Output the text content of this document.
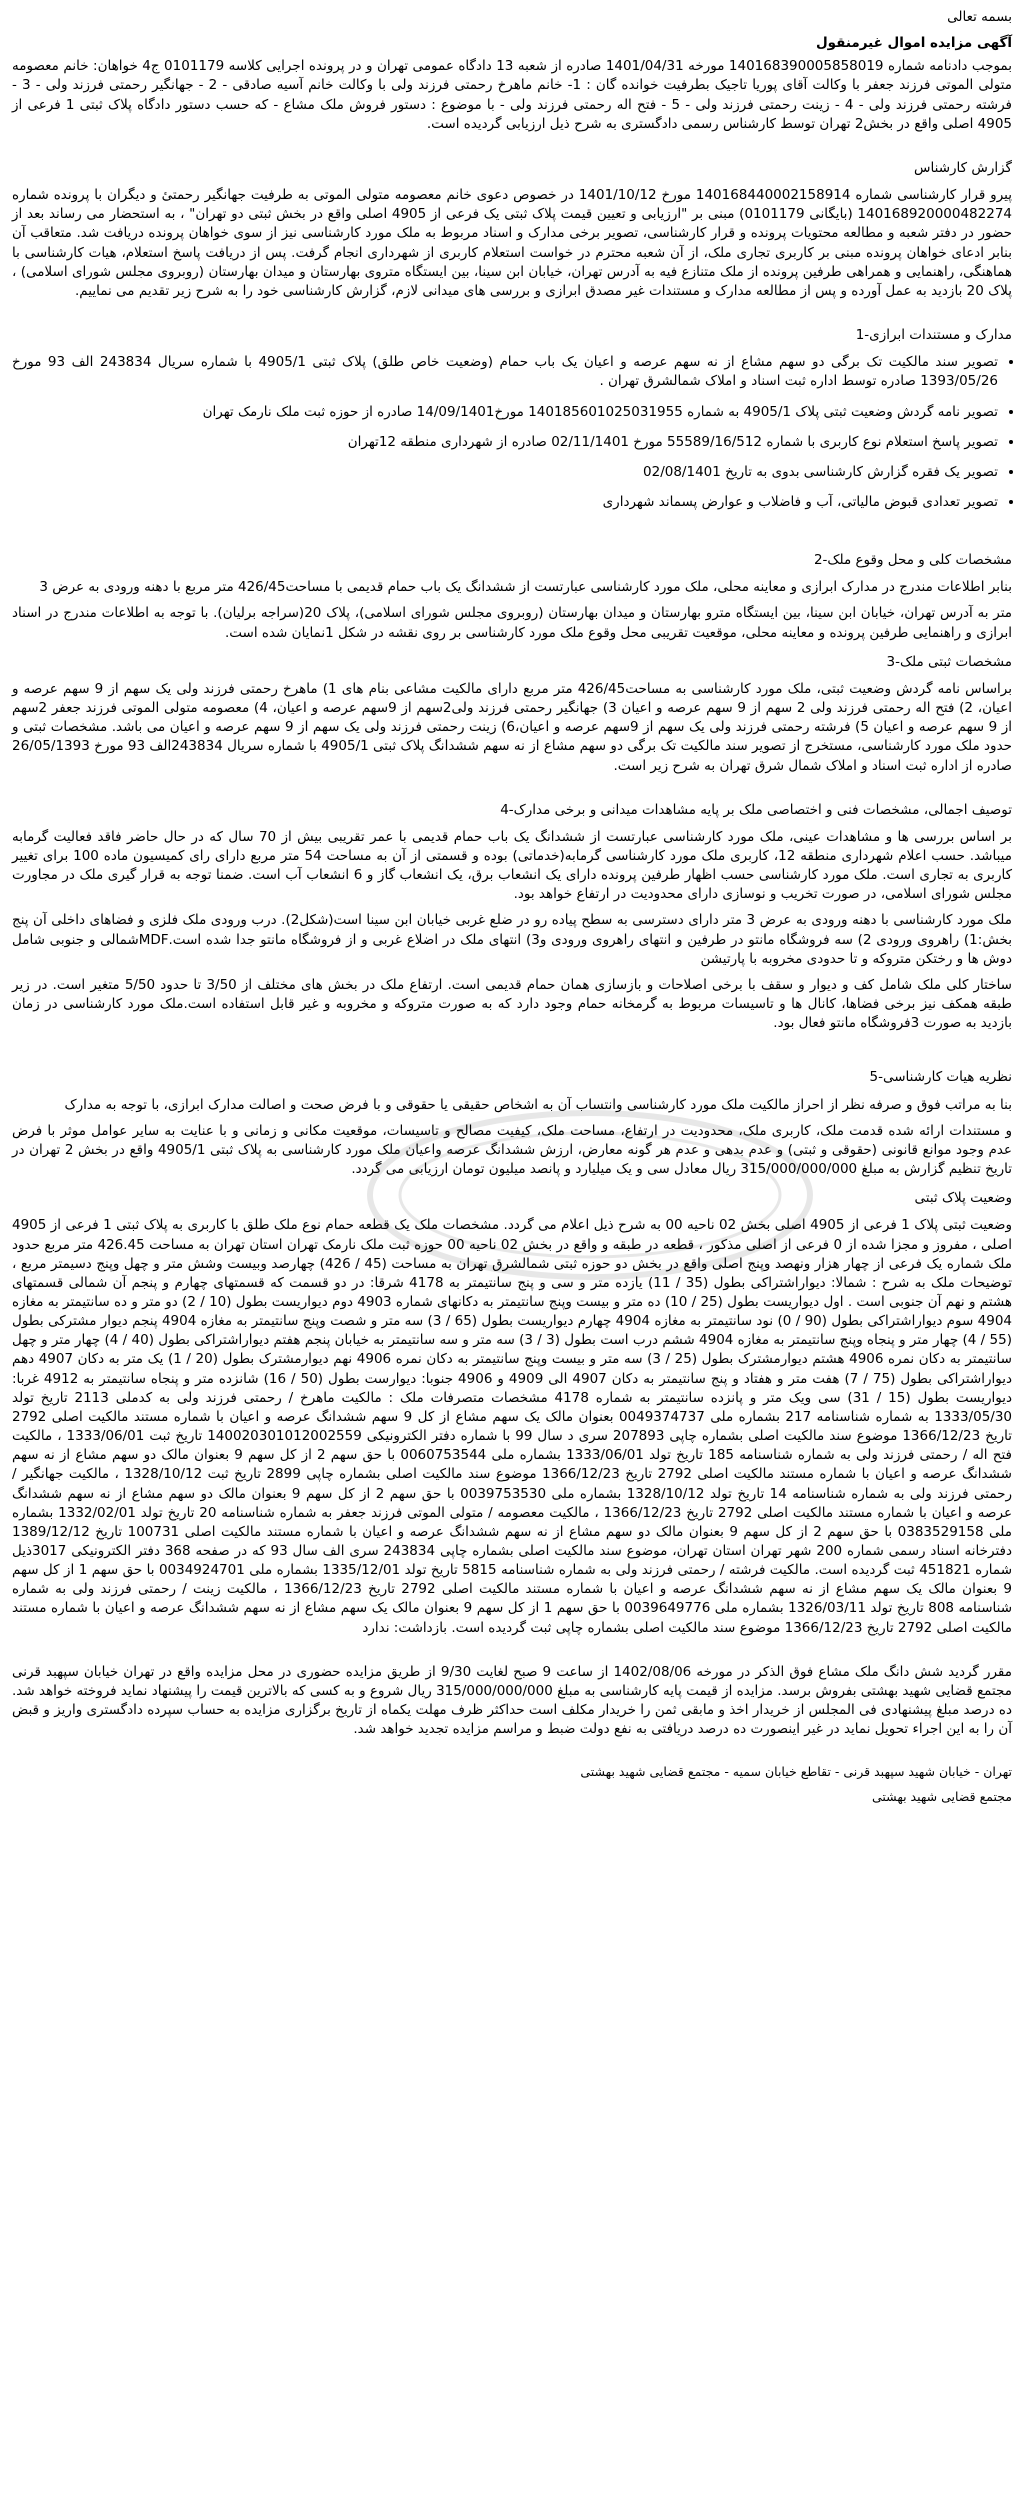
بسمه تعالی

آگهی مزایده اموال غیرمنقول

بموجب دادنامه شماره 140168390005858019 مورخه 1401/04/31 صادره از شعبه 13 دادگاه عمومی تهران و در پرونده اجرایی کلاسه 0101179 ج4 خواهان: خانم معصومه متولی الموتی فرزند جعفر با وکالت آقای پوریا تاجیک بطرفیت خوانده گان : 1- خانم ماهرخ رحمتی فرزند ولی با وکالت خانم آسیه صادقی - 2 - جهانگیر رحمتی فرزند ولی - 3 - فرشته رحمتی فرزند ولی - 4 - زینت رحمتی فرزند ولی - 5 - فتح اله رحمتی فرزند ولی - با موضوع : دستور فروش ملک مشاع - که حسب دستور دادگاه پلاک ثبتی 1 فرعی از 4905 اصلی واقع در بخش2 تهران توسط کارشناس رسمی دادگستری به شرح ذیل ارزیابی گردیده است.

گزارش کارشناس

پیرو قرار کارشناسی شماره 140168440002158914 مورخ 1401/10/12 در خصوص دعوی خانم معصومه متولی الموتی به طرفیت جهانگیر رحمتیٔ و دیگران با پرونده شماره 140168920000482274 (بایگانی 0101179) مبنی بر "ارزیابی و تعیین قیمت پلاک ثبتی یک فرعی از 4905 اصلی واقع در بخش ثبتی دو تهران" ، به استحضار می رساند بعد از حضور در دفتر شعبه و مطالعه محتویات پرونده و قرار کارشناسی، تصویر برخی مدارک و اسناد مربوط به ملک مورد کارشناسی نیز از سوی خواهان پرونده دریافت شد. متعاقب آن بنابر ادعای خواهان پرونده مبنی بر کاربری تجاری ملک، از آن شعبه محترم در خواست استعلام کاربری از شهرداری انجام گرفت. پس از دریافت پاسخ استعلام، هیات کارشناسی با هماهنگی، راهنمایی و همراهی طرفین پرونده از ملک متنازع فیه به آدرس تهران، خیابان ابن سینا، بین ایستگاه متروی بهارستان و میدان بهارستان (روبروی مجلس شورای اسلامی) ، پلاک 20 بازدید به عمل آورده و پس از مطالعه مدارک و مستندات غیر مصدق ابرازی و بررسی های میدانی لازم، گزارش کارشناسی خود را به شرح زیر تقدیم می نماییم.

مدارک و مستندات ابرازی-1

• تصویر سند مالکیت تک برگی دو سهم مشاع از نه سهم عرصه و اعیان یک باب حمام (وضعیت خاص طلق) پلاک ثبتی 4905/1 با شماره سریال 243834 الف 93 مورخ 1393/05/26 صادره توسط اداره ثبت اسناد و املاک شمالشرق تهران .
• تصویر نامه گردش وضعیت ثبتی پلاک 4905/1 به شماره 140185601025031955 مورخ14/09/1401 صادره از حوزه ثبت ملک نارمک تهران
• تصویر پاسخ استعلام نوع کاربری با شماره 55589/16/512 مورخ 02/11/1401 صادره از شهرداری منطقه 12تهران
• تصویر یک فقره گزارش کارشناسی بدوی به تاریخ 02/08/1401
• تصویر تعدادی قبوض مالیاتی، آب و فاضلاب و عوارض پسماند شهرداری

مشخصات کلی و محل وقوع ملک-2

بنابر اطلاعات مندرج در مدارک ابرازی و معاینه محلی، ملک مورد کارشناسی عبارتست از ششدانگ یک باب حمام قدیمی با مساحت426/45 متر مربع با دهنه ورودی به عرض 3

متر به آدرس تهران، خیابان ابن سینا، بین ایستگاه مترو بهارستان و میدان بهارستان (روبروی مجلس شورای اسلامی)، پلاک 20(سراجه برلیان). با توجه به اطلاعات مندرج در اسناد ابرازی و راهنمایی طرفین پرونده و معاینه محلی، موقعیت تقریبی محل وقوع ملک مورد کارشناسی بر روی نقشه در شکل 1نمایان شده است.

مشخصات ثبتی ملک-3

براساس نامه گردش وضعیت ثبتی، ملک مورد کارشناسی به مساحت426/45 متر مربع دارای مالکیت مشاعی بنام های 1) ماهرخ رحمتی فرزند ولی یک سهم از 9 سهم عرصه و اعیان، 2) فتح اله رحمتی فرزند ولی 2 سهم از 9 سهم عرصه و اعیان 3) جهانگیر رحمتی فرزند ولی2سهم از 9سهم عرصه و اعیان، 4) معصومه متولی الموتی فرزند جعفر 2سهم از 9 سهم عرصه و اعیان 5) فرشته رحمتی فرزند ولی یک سهم از 9سهم عرصه و اعیان،6) زینت رحمتی فرزند ولی یک سهم از 9 سهم عرصه و اعیان می باشد. مشخصات ثبتی و حدود ملک مورد کارشناسی، مستخرج از تصویر سند مالکیت تک برگی دو سهم مشاع از نه سهم ششدانگ پلاک ثبتی 4905/1 با شماره سریال 243834الف 93 مورخ 26/05/1393 صادره از اداره ثبت اسناد و املاک شمال شرق تهران به شرح زیر است.

توصیف اجمالی، مشخصات فنی و اختصاصی ملک بر پایه مشاهدات میدانی و برخی مدارک-4

بر اساس بررسی ها و مشاهدات عینی، ملک مورد کارشناسی عبارتست از ششدانگ یک باب حمام قدیمی با عمر تقریبی بیش از 70 سال که در حال حاضر فاقد فعالیت گرمابه میباشد. حسب اعلام شهرداری منطقه 12، کاربری ملک مورد کارشناسی گرمابه(خدماتی) بوده و قسمتی از آن به مساحت 54 متر مربع دارای رای کمیسیون ماده 100 برای تغییر کاربری به تجاری است. ملک مورد کارشناسی حسب اظهار طرفین پرونده دارای یک انشعاب برق، یک انشعاب گاز و 6 انشعاب آب است. ضمنا توجه به قرار گیری ملک در مجاورت مجلس شورای اسلامی، در صورت تخریب و نوسازی دارای محدودیت در ارتفاع خواهد بود.

ملک مورد کارشناسی با دهنه ورودی به عرض 3 متر دارای دسترسی به سطح پیاده رو در ضلع غربی خیابان ابن سینا است(شکل2). درب ورودی ملک فلزی و فضاهای داخلی آن پنج بخش:1) راهروی ورودی 2) سه فروشگاه مانتو در طرفین و انتهای راهروی ورودی و3) انتهای ملک در اضلاع غربی و از فروشگاه مانتو جدا شده است.MDFشمالی و جنوبی شامل دوش ها و رختکن متروکه و تا حدودی مخروبه با پارتیشن

ساختار کلی ملک شامل کف و دیوار و سقف با برخی اصلاحات و بازسازی همان حمام قدیمی است. ارتفاع ملک در بخش های مختلف از 3/50 تا حدود 5/50 متغیر است. در زیر طبقه همکف نیز برخی فضاها، کانال ها و تاسیسات مربوط به گرمخانه حمام وجود دارد که به صورت متروکه و مخروبه و غیر قابل استفاده است.ملک مورد کارشناسی در زمان بازدید به صورت 3فروشگاه مانتو فعال بود.

نظریه هیات کارشناسی-5

بنا به مراتب فوق و صرفه نظر از احراز مالکیت ملک مورد کارشناسی وانتساب آن به اشخاص حقیقی یا حقوقی و با فرض صحت و اصالت مدارک ابرازی، با توجه به مدارک

و مستندات ارائه شده قدمت ملک، کاربری ملک، محدودیت در ارتفاع، مساحت ملک، کیفیت مصالح و تاسیسات، موقعیت مکانی و زمانی و با عنایت به سایر عوامل موثر با فرض عدم وجود موانع قانونی (حقوقی و ثبتی) و عدم بدهی و عدم هر گونه معارض، ارزش ششدانگ عرصه واعیان ملک مورد کارشناسی به پلاک ثبتی 4905/1 واقع در بخش 2 تهران در تاریخ تنظیم گزارش به مبلغ 315/000/000/000 ریال معادل سی و یک میلیارد و پانصد میلیون تومان ارزیابی می گردد.

وضعیت پلاک ثبتی

وضعیت ثبتی پلاک 1 فرعی از 4905 اصلی بخش 02 ناحیه 00 به شرح ذیل اعلام می گردد. مشخصات ملک یک قطعه حمام نوع ملک طلق با کاربری به پلاک ثبتی 1 فرعی از 4905 اصلی ، مفروز و مجزا شده از 0 فرعی از اصلی مذکور ، قطعه در طبقه و واقع در بخش 02 ناحیه 00 حوزه ثبت ملک نارمک تهران استان تهران به مساحت 426.45 متر مربع حدود ملک شماره یک فرعی از چهار هزار ونهصد وپنج اصلی واقع در بخش دو حوزه ثبتی شمالشرق تهران به مساحت (45 / 426) چهارصد وبیست وشش متر و چهل وپنج دسیمتر مربع ، توضیحات ملک به شرح : شمالا: دیواراشتراکی بطول (35 / 11) یازده متر و سی و پنج سانتیمتر به 4178 شرقا: در دو قسمت که قسمتهای چهارم و پنجم آن شمالی قسمتهای هشتم و نهم آن جنوبی است . اول دیواریست بطول (25 / 10) ده متر و بیست وپنج سانتیمتر به دکانهای شماره 4903 دوم دیواریست بطول (10 / 2) دو متر و ده سانتیمتر به مغازه 4904 سوم دیواراشتراکی بطول (90 / 0) نود سانتیمتر به مغازه 4904 چهارم دیواریست بطول (65 / 3) سه متر و شصت وپنج سانتیمتر به مغازه 4904 پنجم دیوار مشترکی بطول (55 / 4) چهار متر و پنجاه وپنج سانتیمتر به مغازه 4904 ششم درب است بطول (3 / 3) سه متر و سه سانتیمتر به خیابان پنجم هفتم دیواراشتراکی بطول (40 / 4) چهار متر و چهل سانتیمتر به دکان نمره 4906 هشتم دیوارمشترک بطول (25 / 3) سه متر و بیست وپنج سانتیمتر به دکان نمره 4906 نهم دیوارمشترک بطول (20 / 1) یک متر به دکان 4907 دهم دیواراشتراکی بطول (75 / 7) هفت متر و هفتاد و پنج سانتیمتر به دکان 4907 الی 4909 و 4906 جنوبا: دیوارست بطول (50 / 16) شانزده متر و پنجاه سانتیمتر به 4912 غربا: دیواریست بطول (15 / 31) سی ویک متر و پانزده سانتیمتر به شماره 4178 مشخصات متصرفات ملک : مالکیت ماهرخ / رحمتی فرزند ولی به کدملی 2113 تاریخ تولد 1333/05/30 به شماره شناسنامه 217 بشماره ملی 0049374737 بعنوان مالک یک سهم مشاع از کل 9 سهم ششدانگ عرصه و اعیان با شماره مستند مالکیت اصلی 2792 تاریخ 1366/12/23 موضوع سند مالکیت اصلی بشماره چاپی 207893 سری د سال 99 با شماره دفتر الکترونیکی 140020301012002559 تاریخ ثبت 1333/06/01 ، مالکیت فتح اله / رحمتی فرزند ولی به شماره شناسنامه 185 تاریخ تولد 1333/06/01 بشماره ملی 0060753544 با حق سهم 2 از کل سهم 9 بعنوان مالک دو سهم مشاع از نه سهم ششدانگ عرصه و اعیان با شماره مستند مالکیت اصلی 2792 تاریخ 1366/12/23 موضوع سند مالکیت اصلی بشماره چاپی 2899 تاریخ ثبت 1328/10/12 ، مالکیت جهانگیر / رحمتی فرزند ولی به شماره شناسنامه 14 تاریخ تولد 1328/10/12 بشماره ملی 0039753530 با حق سهم 2 از کل سهم 9 بعنوان مالک دو سهم مشاع از نه سهم ششدانگ عرصه و اعیان با شماره مستند مالکیت اصلی 2792 تاریخ 1366/12/23 ، مالکیت معصومه / متولی الموتی فرزند جعفر به شماره شناسنامه 20 تاریخ تولد 1332/02/01 بشماره ملی 0383529158 با حق سهم 2 از کل سهم 9 بعنوان مالک دو سهم مشاع از نه سهم ششدانگ عرصه و اعیان با شماره مستند مالکیت اصلی 100731 تاریخ 1389/12/12 دفترخانه اسناد رسمی شماره 200 شهر تهران استان تهران، موضوع سند مالکیت اصلی بشماره چاپی 243834 سری الف سال 93 که در صفحه 368 دفتر الکترونیکی 3017ذیل شماره 451821 ثبت گردیده است. مالکیت فرشته / رحمتی فرزند ولی به شماره شناسنامه 5815 تاریخ تولد 1335/12/01 بشماره ملی 0034924701 با حق سهم 1 از کل سهم 9 بعنوان مالک یک سهم مشاع از نه سهم ششدانگ عرصه و اعیان با شماره مستند مالکیت اصلی 2792 تاریخ 1366/12/23 ، مالکیت زینت / رحمتی فرزند ولی به شماره شناسنامه 808 تاریخ تولد 1326/03/11 بشماره ملی 0039649776 با حق سهم 1 از کل سهم 9 بعنوان مالک یک سهم مشاع از نه سهم ششدانگ عرصه و اعیان با شماره مستند مالکیت اصلی 2792 تاریخ 1366/12/23 موضوع سند مالکیت اصلی بشماره چاپی ثبت گردیده است. بازداشت: ندارد

مقرر گردید شش دانگ ملک مشاع فوق الذکر در مورخه 1402/08/06 از ساعت 9 صبح لغایت 9/30 از طریق مزایده حضوری در محل مزایده واقع در تهران خیابان سپهبد قرنی مجتمع قضایی شهید بهشتی بفروش برسد. مزایده از قیمت پایه کارشناسی به مبلغ 315/000/000/000 ریال شروع و به کسی که بالاترین قیمت را پیشنهاد نماید فروخته خواهد شد. ده درصد مبلغ پیشنهادی فی المجلس از خریدار اخذ و مابقی ثمن را خریدار مکلف است حداکثر ظرف مهلت یکماه از تاریخ برگزاری مزایده به حساب سپرده دادگستری واریز و قبض آن را به این اجراء تحویل نماید در غیر اینصورت ده درصد دریافتی به نفع دولت ضبط و مراسم مزایده تجدید خواهد شد.

تهران - خیابان شهید سپهبد قرنی - تقاطع خیابان سمیه - مجتمع قضایی شهید بهشتی

مجتمع قضایی شهید بهشتی
